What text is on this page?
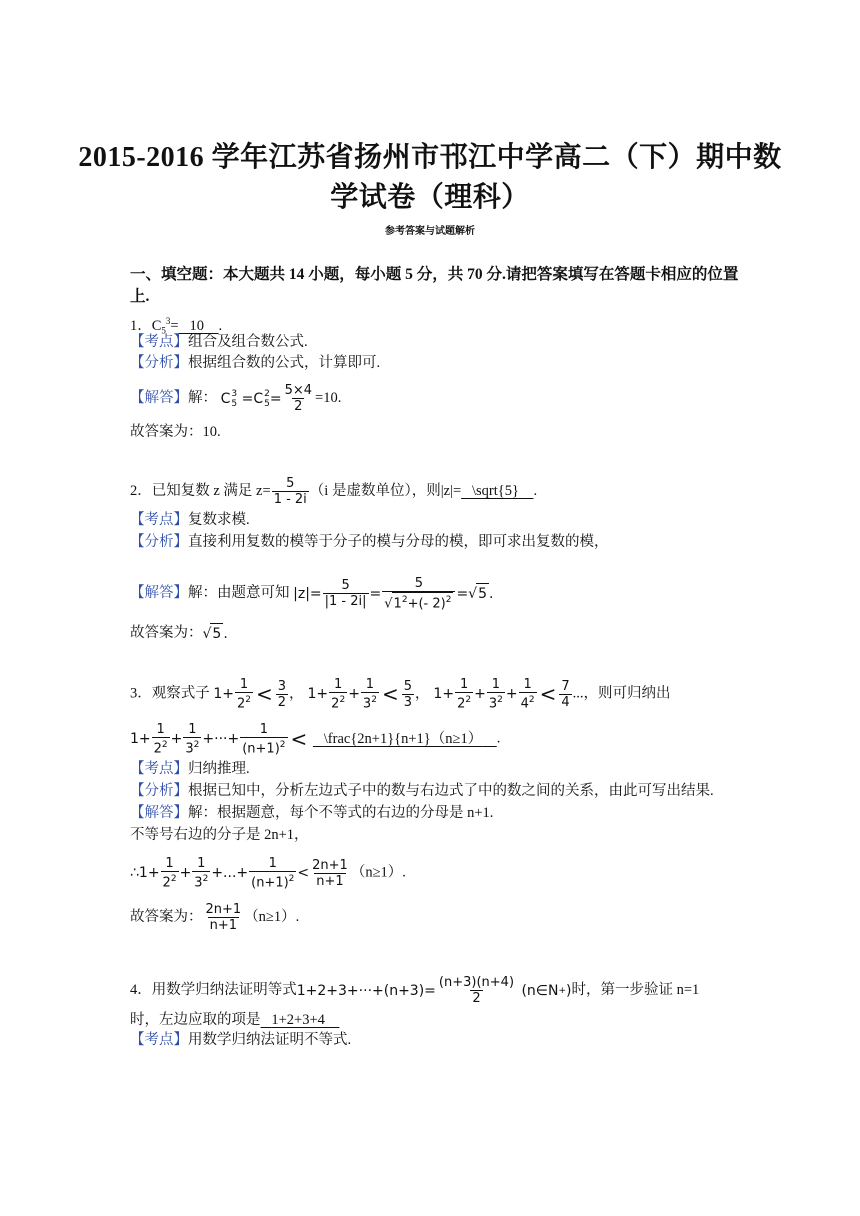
2015-2016 学年江苏省扬州市邗江中学高二（下）期中数
学试卷（理科）
参考答案与试题解析
一、填空题：本大题共 14 小题，每小题 5 分，共 70 分.请把答案填写在答题卡相应的位置
上.
1．$C_5^3= 10$ .
【考点】组合及组合数公式.
【分析】根据组合数的公式，计算即可.
【解答】解： C 3
5 =C 2
$5 = \frac{5\times 4}{2} =10$.
故答案为：10.
2．已知复数 z 满足 $z= \frac{5}{1 - 2i} (i$ 是虚数单位），则|z|= \sqrt{5} .
【考点】复数求模.
【分析】直接利用复数的模等于分子的模与分母的模，即可求出复数的模，
【解答】解：由题意可知 $|z|= \frac{5}{|1 - 2i|} = \frac{5}{√1^2+(- 2)^2}$ =√ 5 .
故答案为：√ 5 .
3．观察式子 $1+ \frac{1}{2^2} < \frac{3}{2}$ ， $1+ \frac{1}{2^2} + \frac{1}{3^2} < \frac{5}{3}$ ， $1+ \frac{1}{2^2} + \frac{1}{3^2} + \frac{1}{4^2} < \frac{7}{4}$ ...，则可归纳出
$1+ \frac{1}{2^2} + \frac{1}{3^2}$ +···+ $\frac{1}{(n+1)^2}$ < \frac{2n+1}{n+1}（n≥1） .
【考点】归纳推理.
【分析】根据已知中，分析左边式子中的数与右边式了中的数之间的关系，由此可写出结果.
【解答】解：根据题意，每个不等式的右边的分母是 n+1.
不等号右边的分子是 2n+1，
∴1+ $\frac{1}{2^2} + \frac{1}{3^2}$ +...+ $\frac{1}{(n+1)^2} < \frac{2n+1}{n+1} (n\ge 1)$.
故答案为： $\frac{2n+1}{n+1} (n\ge 1)$.
4．用数学归纳法证明等式$1+2+3+\cdot\cdot\cdot+(n+3)= \frac{(n+3)(n+4)}{2}$ (n∈N + )时，第一步验证 n=1
时，左边应取的项是 1+2+3+4
【考点】用数学归纳法证明不等式.
